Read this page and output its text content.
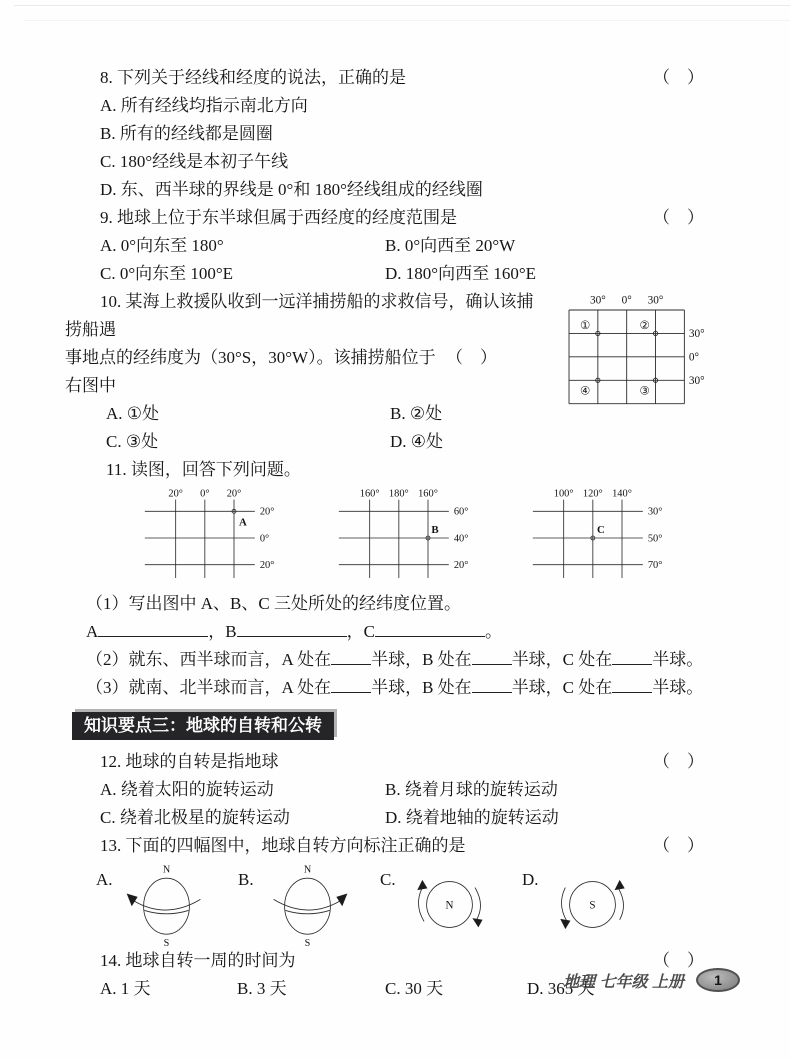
8. 下列关于经线和经度的说法，正确的是	（　）

A. 所有经线均指示南北方向

B. 所有的经线都是圆圈

C. 180°经线是本初子午线

D. 东、西半球的界线是 0°和 180°经线组成的经线圈

9. 地球上位于东半球但属于西经度的经度范围是	（　）

A. 0°向东至 180°	B. 0°向西至 20°W

C. 0°向东至 100°E	D. 180°向西至 160°E

10. 某海上救援队收到一远洋捕捞船的求救信号，确认该捕捞船遇

事地点的经纬度为（30°S，30°W）。该捕捞船位于右图中
（　）

A. ①处	B. ②处

C. ③处	D. ④处

30° 0° 30°
30°
0°
30°
①	②
③
④

11. 读图，回答下列问题。

20° 0° 20°
20°
0°
20°
A
160° 180° 160°
60°
40°
20°
B
100° 120° 140°
30°
50°
70°
C

（1）写出图中 A、B、C 三处所处的经纬度位置。

A	，B	，C	。

（2）就东、西半球而言，A 处在 半球，B 处在 半球，C 处在 半球。

（3）就南、北半球而言，A 处在 半球，B 处在 半球，C 处在 半球。

知识要点三：地球的自转和公转

12. 地球的自转是指地球	（　）

A. 绕着太阳的旋转运动	B. 绕着月球的旋转运动

C. 绕着北极星的旋转运动	D. 绕着地轴的旋转运动

13. 下面的四幅图中，地球自转方向标注正确的是	（　）

A.
N
S
B.
N
S
C.
N
D.
S

14. 地球自转一周的时间为	（　）

A. 1 天	B. 3 天	C. 30 天	D. 365 天

地理 七年级 上册	1
